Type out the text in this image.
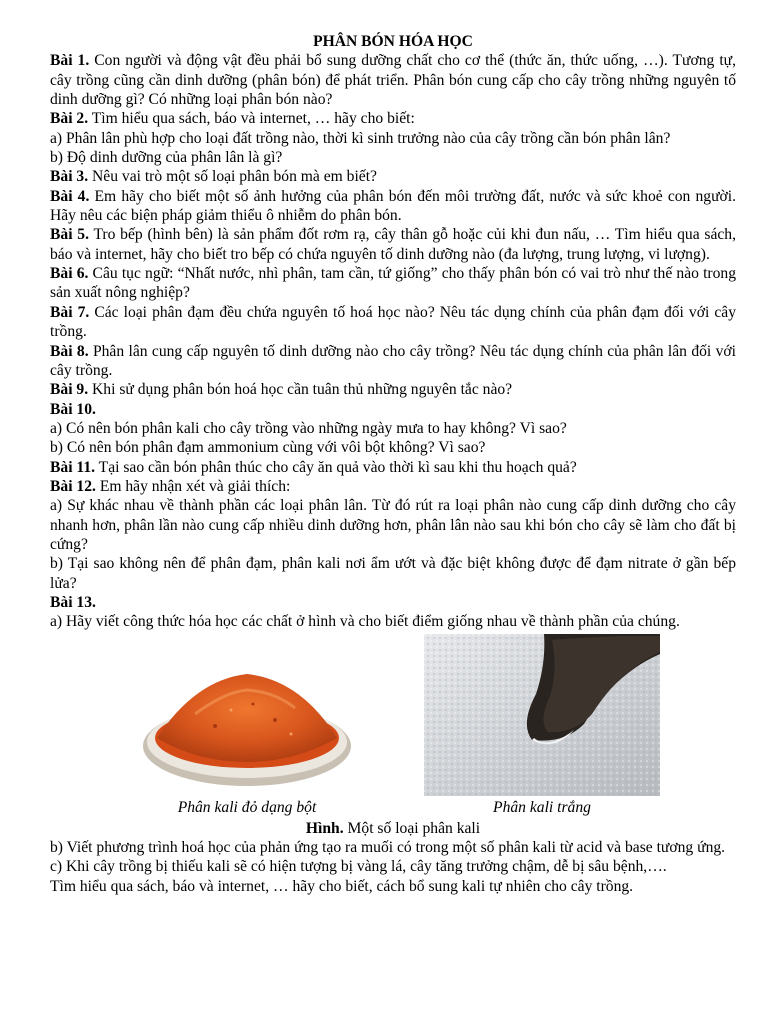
PHÂN BÓN HÓA HỌC

Bài 1. Con người và động vật đều phải bổ sung dưỡng chất cho cơ thể (thức ăn, thức uống, …). Tương tự, cây trồng cũng cần dinh dưỡng (phân bón) để phát triển. Phân bón cung cấp cho cây trồng những nguyên tố dinh dưỡng gì? Có những loại phân bón nào?

Bài 2. Tìm hiểu qua sách, báo và internet, … hãy cho biết:

a) Phân lân phù hợp cho loại đất trồng nào, thời kì sinh trưởng nào của cây trồng cần bón phân lân?

b) Độ dinh dưỡng của phân lân là gì?

Bài 3. Nêu vai trò một số loại phân bón mà em biết?

Bài 4. Em hãy cho biết một số ảnh hưởng của phân bón đến môi trường đất, nước và sức khoẻ con người. Hãy nêu các biện pháp giảm thiểu ô nhiễm do phân bón.

Bài 5. Tro bếp (hình bên) là sản phẩm đốt rơm rạ, cây thân gỗ hoặc củi khi đun nấu, … Tìm hiểu qua sách, báo và internet, hãy cho biết tro bếp có chứa nguyên tố dinh dưỡng nào (đa lượng, trung lượng, vi lượng).

Bài 6. Câu tục ngữ: “Nhất nước, nhì phân, tam cần, tứ giống” cho thấy phân bón có vai trò như thế nào trong sản xuất nông nghiệp?

Bài 7. Các loại phân đạm đều chứa nguyên tố hoá học nào? Nêu tác dụng chính của phân đạm đối với cây trồng.

Bài 8. Phân lân cung cấp nguyên tố dinh dưỡng nào cho cây trồng? Nêu tác dụng chính của phân lân đối với cây trồng.

Bài 9. Khi sử dụng phân bón hoá học cần tuân thủ những nguyên tắc nào?

Bài 10.

a) Có nên bón phân kali cho cây trồng vào những ngày mưa to hay không? Vì sao?

b) Có nên bón phân đạm ammonium cùng với vôi bột không? Vì sao?

Bài 11. Tại sao cần bón phân thúc cho cây ăn quả vào thời kì sau khi thu hoạch quả?

Bài 12. Em hãy nhận xét và giải thích:

a) Sự khác nhau về thành phần các loại phân lân. Từ đó rút ra loại phân nào cung cấp dinh dưỡng cho cây nhanh hơn, phân lần nào cung cấp nhiều dinh dưỡng hơn, phân lân nào sau khi bón cho cây sẽ làm cho đất bị cứng?

b) Tại sao không nên để phân đạm, phân kali nơi ẩm ướt và đặc biệt không được để đạm nitrate ở gần bếp lửa?

Bài 13.

a) Hãy viết công thức hóa học các chất ở hình và cho biết điểm giống nhau về thành phần của chúng.

Phân kali đỏ dạng bột	Phân kali trắng

Hình. Một số loại phân kali

b) Viết phương trình hoá học của phản ứng tạo ra muối có trong một số phân kali từ acid và base tương ứng.

c) Khi cây trồng bị thiếu kali sẽ có hiện tượng bị vàng lá, cây tăng trưởng chậm, dễ bị sâu bệnh,….

Tìm hiểu qua sách, báo và internet, … hãy cho biết, cách bổ sung kali tự nhiên cho cây trồng.
